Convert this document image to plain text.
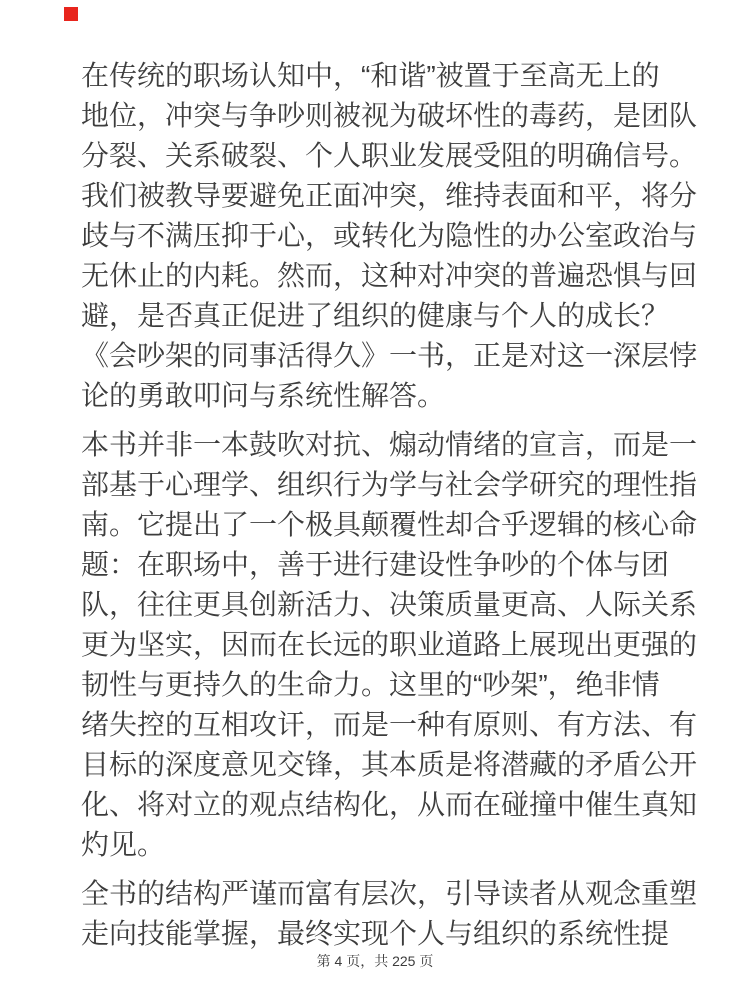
在传统的职场认知中，“和谐”被置于至高无上的
地位，冲突与争吵则被视为破坏性的毒药，是团队
分裂、关系破裂、个人职业发展受阻的明确信号。
我们被教导要避免正面冲突，维持表面和平，将分
歧与不满压抑于心，或转化为隐性的办公室政治与
无休止的内耗。然而，这种对冲突的普遍恐惧与回
避，是否真正促进了组织的健康与个人的成长？
《会吵架的同事活得久》一书，正是对这一深层悖
论的勇敢叩问与系统性解答。

本书并非一本鼓吹对抗、煽动情绪的宣言，而是一
部基于心理学、组织行为学与社会学研究的理性指
南。它提出了一个极具颠覆性却合乎逻辑的核心命
题：在职场中，善于进行建设性争吵的个体与团
队，往往更具创新活力、决策质量更高、人际关系
更为坚实，因而在长远的职业道路上展现出更强的
韧性与更持久的生命力。这里的“吵架”，绝非情
绪失控的互相攻讦，而是一种有原则、有方法、有
目标的深度意见交锋，其本质是将潜藏的矛盾公开
化、将对立的观点结构化，从而在碰撞中催生真知
灼见。

全书的结构严谨而富有层次，引导读者从观念重塑
走向技能掌握，最终实现个人与组织的系统性提

第 4 页，共 225 页
